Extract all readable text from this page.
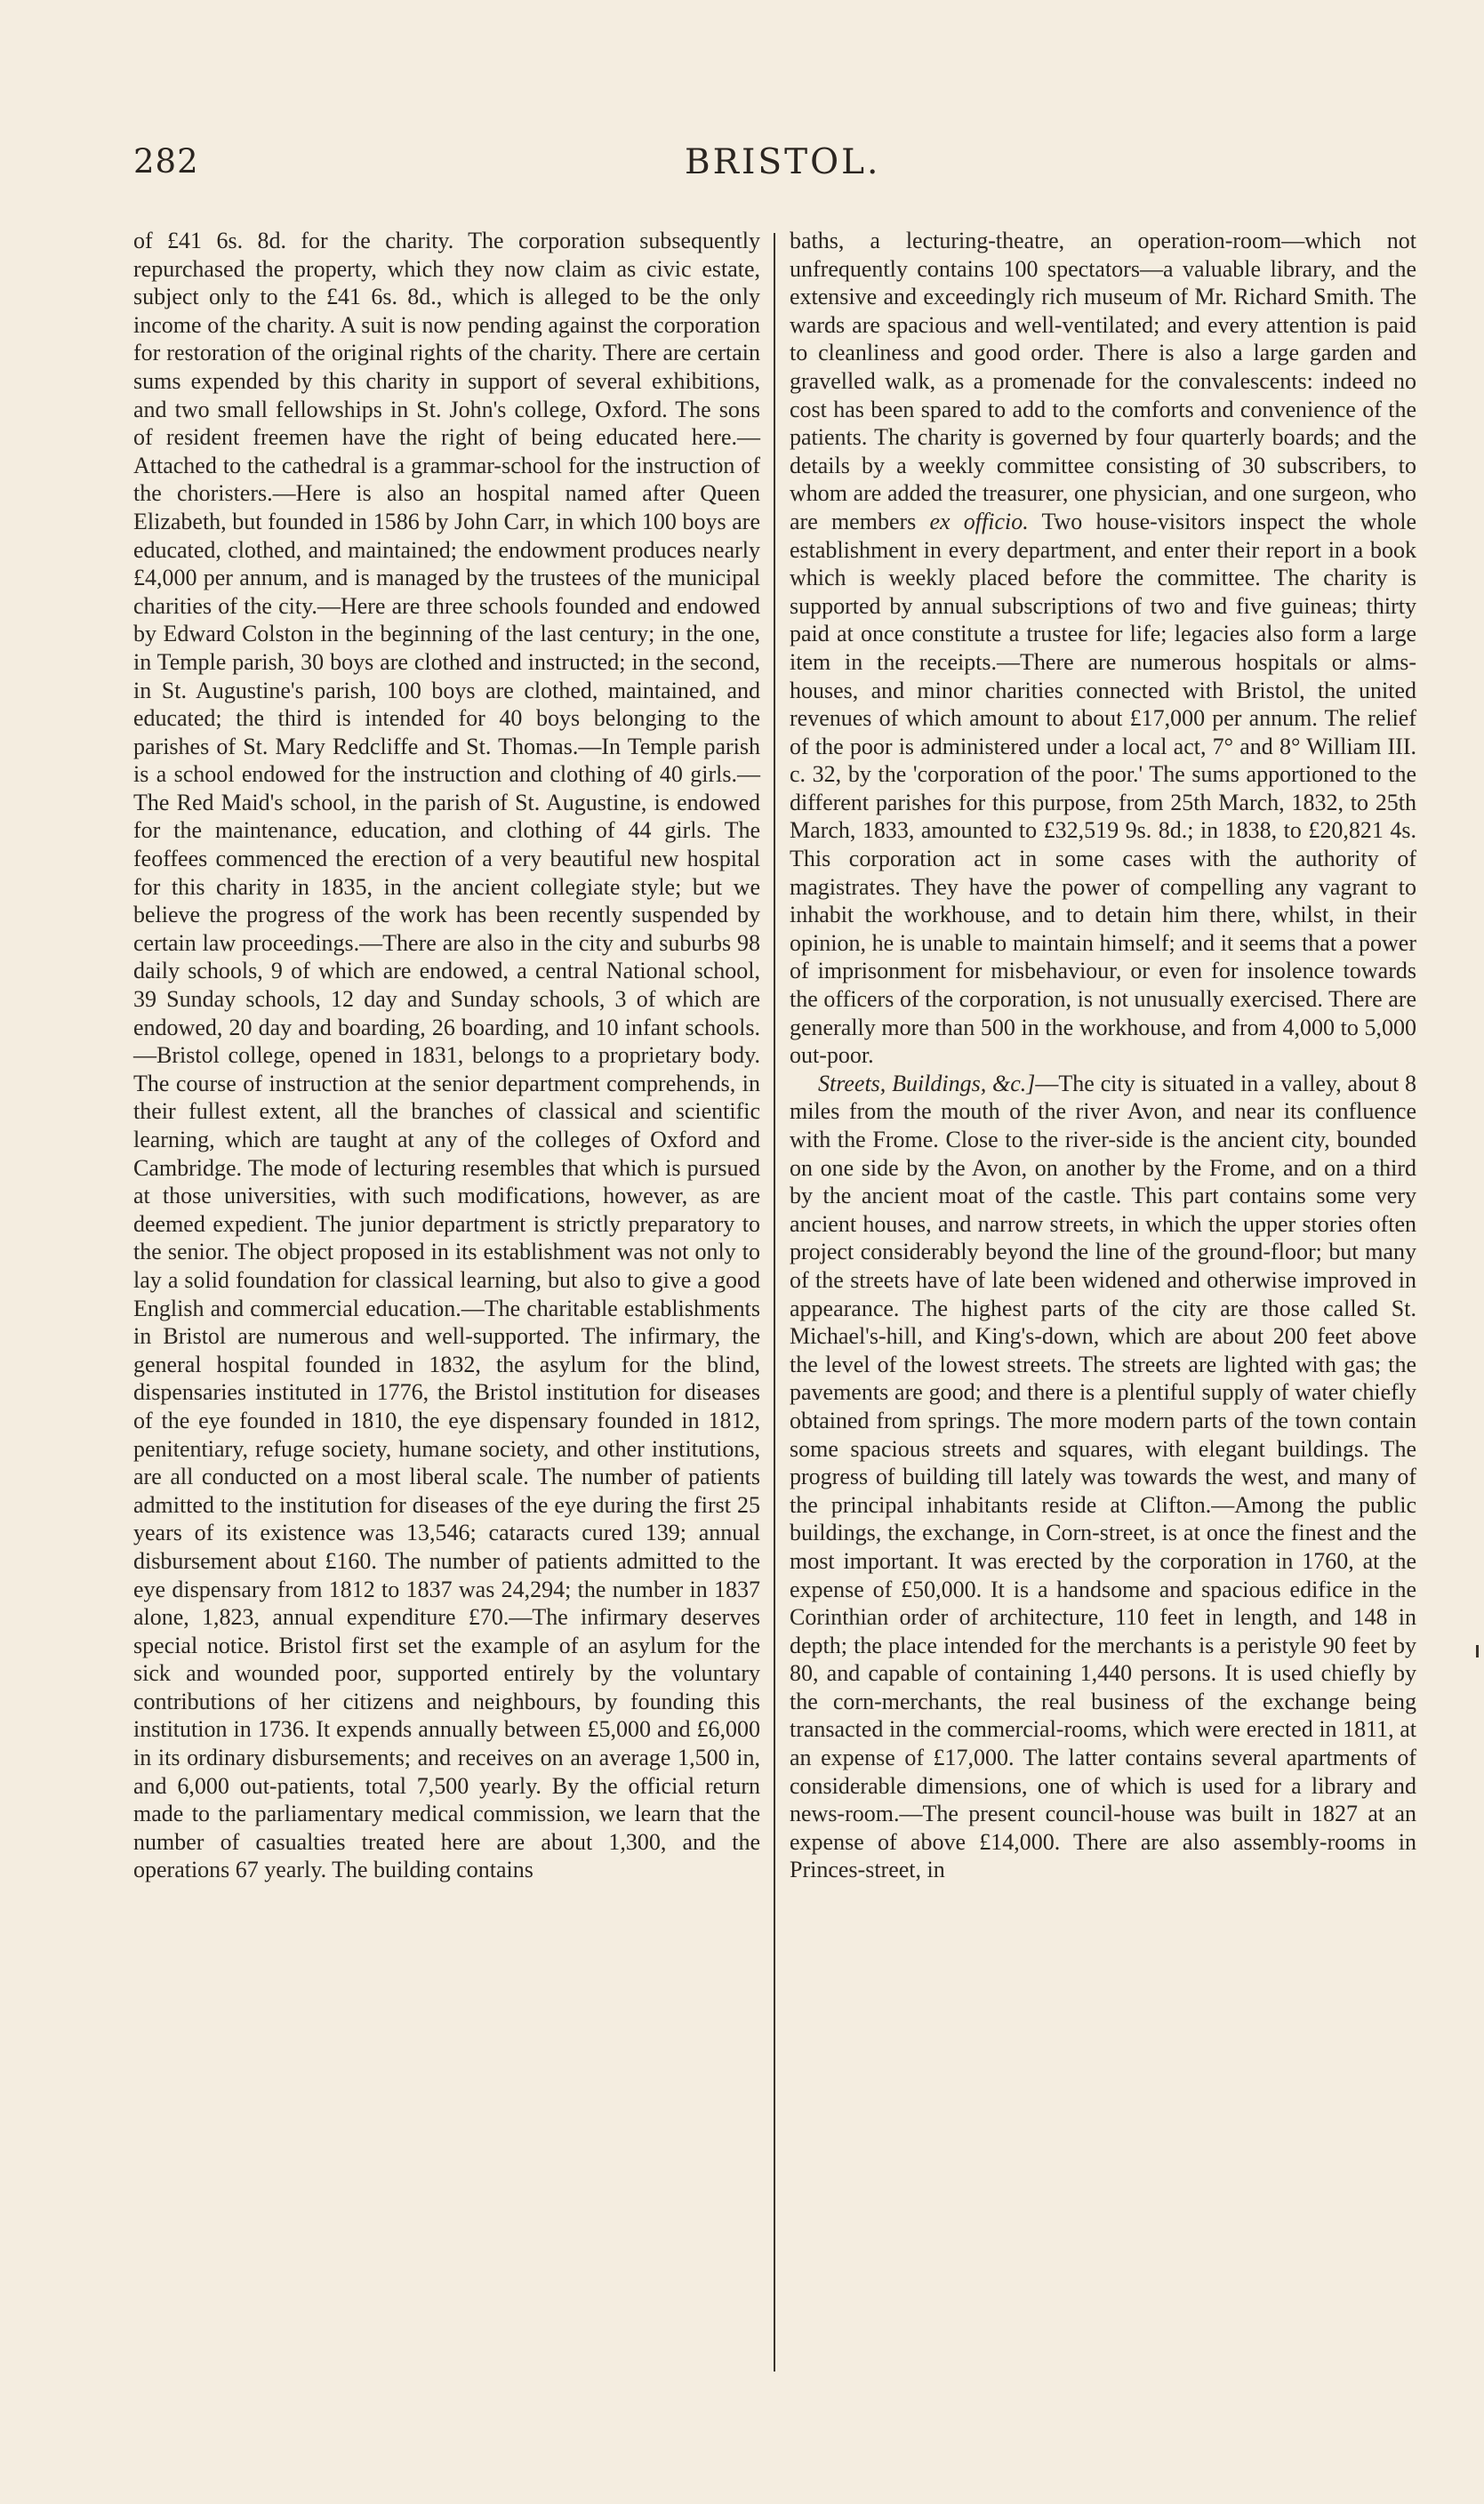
282	BRISTOL.

of £41 6s. 8d. for the charity. The corporation subsequently repurchased the property, which they now claim as civic estate, subject only to the £41 6s. 8d., which is alleged to be the only income of the charity. A suit is now pending against the corporation for restoration of the original rights of the charity. There are certain sums expended by this charity in support of several exhibitions, and two small fellowships in St. John's college, Oxford. The sons of resident freemen have the right of being educated here.—Attached to the cathedral is a grammar-school for the instruction of the choristers.—Here is also an hospital named after Queen Elizabeth, but founded in 1586 by John Carr, in which 100 boys are educated, clothed, and maintained; the endowment produces nearly £4,000 per annum, and is managed by the trustees of the municipal charities of the city.—Here are three schools founded and endowed by Edward Colston in the beginning of the last century; in the one, in Temple parish, 30 boys are clothed and instructed; in the second, in St. Augustine's parish, 100 boys are clothed, maintained, and educated; the third is intended for 40 boys belonging to the parishes of St. Mary Redcliffe and St. Thomas.—In Temple parish is a school endowed for the instruction and clothing of 40 girls.—The Red Maid's school, in the parish of St. Augustine, is endowed for the maintenance, education, and clothing of 44 girls. The feoffees commenced the erection of a very beautiful new hospital for this charity in 1835, in the ancient collegiate style; but we believe the progress of the work has been recently suspended by certain law proceedings.—There are also in the city and suburbs 98 daily schools, 9 of which are endowed, a central National school, 39 Sunday schools, 12 day and Sunday schools, 3 of which are endowed, 20 day and boarding, 26 boarding, and 10 infant schools.—Bristol college, opened in 1831, belongs to a proprietary body. The course of instruction at the senior department comprehends, in their fullest extent, all the branches of classical and scientific learning, which are taught at any of the colleges of Oxford and Cambridge. The mode of lecturing resembles that which is pursued at those universities, with such modifications, however, as are deemed expedient. The junior department is strictly preparatory to the senior. The object proposed in its establishment was not only to lay a solid foundation for classical learning, but also to give a good English and commercial education.—The charitable establishments in Bristol are numerous and well-supported. The infirmary, the general hospital founded in 1832, the asylum for the blind, dispensaries instituted in 1776, the Bristol institution for diseases of the eye founded in 1810, the eye dispensary founded in 1812, penitentiary, refuge society, humane society, and other institutions, are all conducted on a most liberal scale. The number of patients admitted to the institution for diseases of the eye during the first 25 years of its existence was 13,546; cataracts cured 139; annual disbursement about £160. The number of patients admitted to the eye dispensary from 1812 to 1837 was 24,294; the number in 1837 alone, 1,823, annual expenditure £70.—The infirmary deserves special notice. Bristol first set the example of an asylum for the sick and wounded poor, supported entirely by the voluntary contributions of her citizens and neighbours, by founding this institution in 1736. It expends annually between £5,000 and £6,000 in its ordinary disbursements; and receives on an average 1,500 in, and 6,000 out-patients, total 7,500 yearly. By the official return made to the parliamentary medical commission, we learn that the number of casualties treated here are about 1,300, and the operations 67 yearly. The building contains

baths, a lecturing-theatre, an operation-room—which not unfrequently contains 100 spectators—a valuable library, and the extensive and exceedingly rich museum of Mr. Richard Smith. The wards are spacious and well-ventilated; and every attention is paid to cleanliness and good order. There is also a large garden and gravelled walk, as a promenade for the convalescents: indeed no cost has been spared to add to the comforts and convenience of the patients. The charity is governed by four quarterly boards; and the details by a weekly committee consisting of 30 subscribers, to whom are added the treasurer, one physician, and one surgeon, who are members ex officio. Two house-visitors inspect the whole establishment in every department, and enter their report in a book which is weekly placed before the committee. The charity is supported by annual subscriptions of two and five guineas; thirty paid at once constitute a trustee for life; legacies also form a large item in the receipts.—There are numerous hospitals or alms-houses, and minor charities connected with Bristol, the united revenues of which amount to about £17,000 per annum. The relief of the poor is administered under a local act, 7° and 8° William III. c. 32, by the 'corporation of the poor.' The sums apportioned to the different parishes for this purpose, from 25th March, 1832, to 25th March, 1833, amounted to £32,519 9s. 8d.; in 1838, to £20,821 4s. This corporation act in some cases with the authority of magistrates. They have the power of compelling any vagrant to inhabit the workhouse, and to detain him there, whilst, in their opinion, he is unable to maintain himself; and it seems that a power of imprisonment for misbehaviour, or even for insolence towards the officers of the corporation, is not unusually exercised. There are generally more than 500 in the workhouse, and from 4,000 to 5,000 out-poor.

Streets, Buildings, &c.]—The city is situated in a valley, about 8 miles from the mouth of the river Avon, and near its confluence with the Frome. Close to the river-side is the ancient city, bounded on one side by the Avon, on another by the Frome, and on a third by the ancient moat of the castle. This part contains some very ancient houses, and narrow streets, in which the upper stories often project considerably beyond the line of the ground-floor; but many of the streets have of late been widened and otherwise improved in appearance. The highest parts of the city are those called St. Michael's-hill, and King's-down, which are about 200 feet above the level of the lowest streets. The streets are lighted with gas; the pavements are good; and there is a plentiful supply of water chiefly obtained from springs. The more modern parts of the town contain some spacious streets and squares, with elegant buildings. The progress of building till lately was towards the west, and many of the principal inhabitants reside at Clifton.—Among the public buildings, the exchange, in Corn-street, is at once the finest and the most important. It was erected by the corporation in 1760, at the expense of £50,000. It is a handsome and spacious edifice in the Corinthian order of architecture, 110 feet in length, and 148 in depth; the place intended for the merchants is a peristyle 90 feet by 80, and capable of containing 1,440 persons. It is used chiefly by the corn-merchants, the real business of the exchange being transacted in the commercial-rooms, which were erected in 1811, at an expense of £17,000. The latter contains several apartments of considerable dimensions, one of which is used for a library and news-room.—The present council-house was built in 1827 at an expense of above £14,000. There are also assembly-rooms in Princes-street, in
